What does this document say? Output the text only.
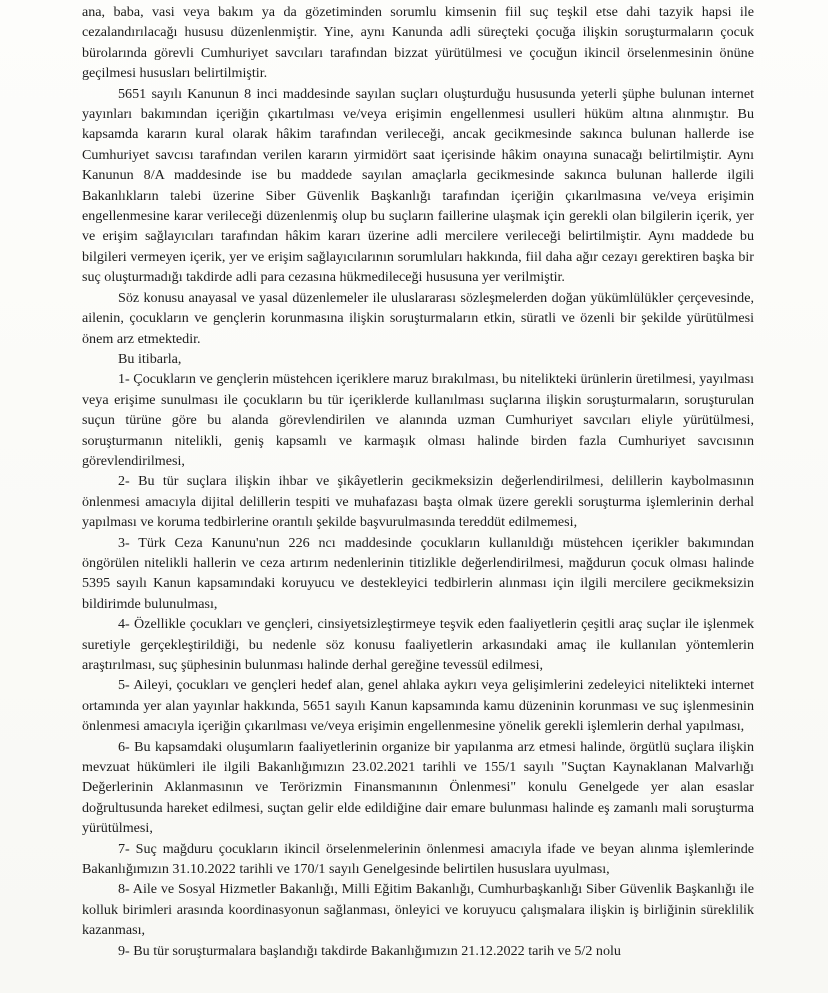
ana, baba, vasi veya bakım ya da gözetiminden sorumlu kimsenin fiil suç teşkil etse dahi tazyik hapsi ile cezalandırılacağı hususu düzenlenmiştir. Yine, aynı Kanunda adli süreçteki çocuğa ilişkin soruşturmaların çocuk bürolarında görevli Cumhuriyet savcıları tarafından bizzat yürütülmesi ve çocuğun ikincil örselenmesinin önüne geçilmesi hususları belirtilmiştir.

5651 sayılı Kanunun 8 inci maddesinde sayılan suçları oluşturduğu hususunda yeterli şüphe bulunan internet yayınları bakımından içeriğin çıkartılması ve/veya erişimin engellenmesi usulleri hüküm altına alınmıştır. Bu kapsamda kararın kural olarak hâkim tarafından verileceği, ancak gecikmesinde sakınca bulunan hallerde ise Cumhuriyet savcısı tarafından verilen kararın yirmidört saat içerisinde hâkim onayına sunacağı belirtilmiştir. Aynı Kanunun 8/A maddesinde ise bu maddede sayılan amaçlarla gecikmesinde sakınca bulunan hallerde ilgili Bakanlıkların talebi üzerine Siber Güvenlik Başkanlığı tarafından içeriğin çıkarılmasına ve/veya erişimin engellenmesine karar verileceği düzenlenmiş olup bu suçların faillerine ulaşmak için gerekli olan bilgilerin içerik, yer ve erişim sağlayıcıları tarafından hâkim kararı üzerine adli mercilere verileceği belirtilmiştir. Aynı maddede bu bilgileri vermeyen içerik, yer ve erişim sağlayıcılarının sorumluları hakkında, fiil daha ağır cezayı gerektiren başka bir suç oluşturmadığı takdirde adli para cezasına hükmedileceği hususuna yer verilmiştir.

Söz konusu anayasal ve yasal düzenlemeler ile uluslararası sözleşmelerden doğan yükümlülükler çerçevesinde, ailenin, çocukların ve gençlerin korunmasına ilişkin soruşturmaların etkin, süratli ve özenli bir şekilde yürütülmesi önem arz etmektedir.

Bu itibarla,

1- Çocukların ve gençlerin müstehcen içeriklere maruz bırakılması, bu nitelikteki ürünlerin üretilmesi, yayılması veya erişime sunulması ile çocukların bu tür içeriklerde kullanılması suçlarına ilişkin soruşturmaların, soruşturulan suçun türüne göre bu alanda görevlendirilen ve alanında uzman Cumhuriyet savcıları eliyle yürütülmesi, soruşturmanın nitelikli, geniş kapsamlı ve karmaşık olması halinde birden fazla Cumhuriyet savcısının görevlendirilmesi,

2- Bu tür suçlara ilişkin ihbar ve şikâyetlerin gecikmeksizin değerlendirilmesi, delillerin kaybolmasının önlenmesi amacıyla dijital delillerin tespiti ve muhafazası başta olmak üzere gerekli soruşturma işlemlerinin derhal yapılması ve koruma tedbirlerine orantılı şekilde başvurulmasında tereddüt edilmemesi,

3- Türk Ceza Kanunu'nun 226 ncı maddesinde çocukların kullanıldığı müstehcen içerikler bakımından öngörülen nitelikli hallerin ve ceza artırım nedenlerinin titizlikle değerlendirilmesi, mağdurun çocuk olması halinde 5395 sayılı Kanun kapsamındaki koruyucu ve destekleyici tedbirlerin alınması için ilgili mercilere gecikmeksizin bildirimde bulunulması,

4- Özellikle çocukları ve gençleri, cinsiyetsizleştirmeye teşvik eden faaliyetlerin çeşitli araç suçlar ile işlenmek suretiyle gerçekleştirildiği, bu nedenle söz konusu faaliyetlerin arkasındaki amaç ile kullanılan yöntemlerin araştırılması, suç şüphesinin bulunması halinde derhal gereğine tevessül edilmesi,

5- Aileyi, çocukları ve gençleri hedef alan, genel ahlaka aykırı veya gelişimlerini zedeleyici nitelikteki internet ortamında yer alan yayınlar hakkında, 5651 sayılı Kanun kapsamında kamu düzeninin korunması ve suç işlenmesinin önlenmesi amacıyla içeriğin çıkarılması ve/veya erişimin engellenmesine yönelik gerekli işlemlerin derhal yapılması,

6- Bu kapsamdaki oluşumların faaliyetlerinin organize bir yapılanma arz etmesi halinde, örgütlü suçlara ilişkin mevzuat hükümleri ile ilgili Bakanlığımızın 23.02.2021 tarihli ve 155/1 sayılı "Suçtan Kaynaklanan Malvarlığı Değerlerinin Aklanmasının ve Terörizmin Finansmanının Önlenmesi" konulu Genelgede yer alan esaslar doğrultusunda hareket edilmesi, suçtan gelir elde edildiğine dair emare bulunması halinde eş zamanlı mali soruşturma yürütülmesi,

7- Suç mağduru çocukların ikincil örselenmelerinin önlenmesi amacıyla ifade ve beyan alınma işlemlerinde Bakanlığımızın 31.10.2022 tarihli ve 170/1 sayılı Genelgesinde belirtilen hususlara uyulması,

8- Aile ve Sosyal Hizmetler Bakanlığı, Milli Eğitim Bakanlığı, Cumhurbaşkanlığı Siber Güvenlik Başkanlığı ile kolluk birimleri arasında koordinasyonun sağlanması, önleyici ve koruyucu çalışmalara ilişkin iş birliğinin süreklilik kazanması,

9- Bu tür soruşturmalara başlandığı takdirde Bakanlığımızın 21.12.2022 tarih ve 5/2 nolu
